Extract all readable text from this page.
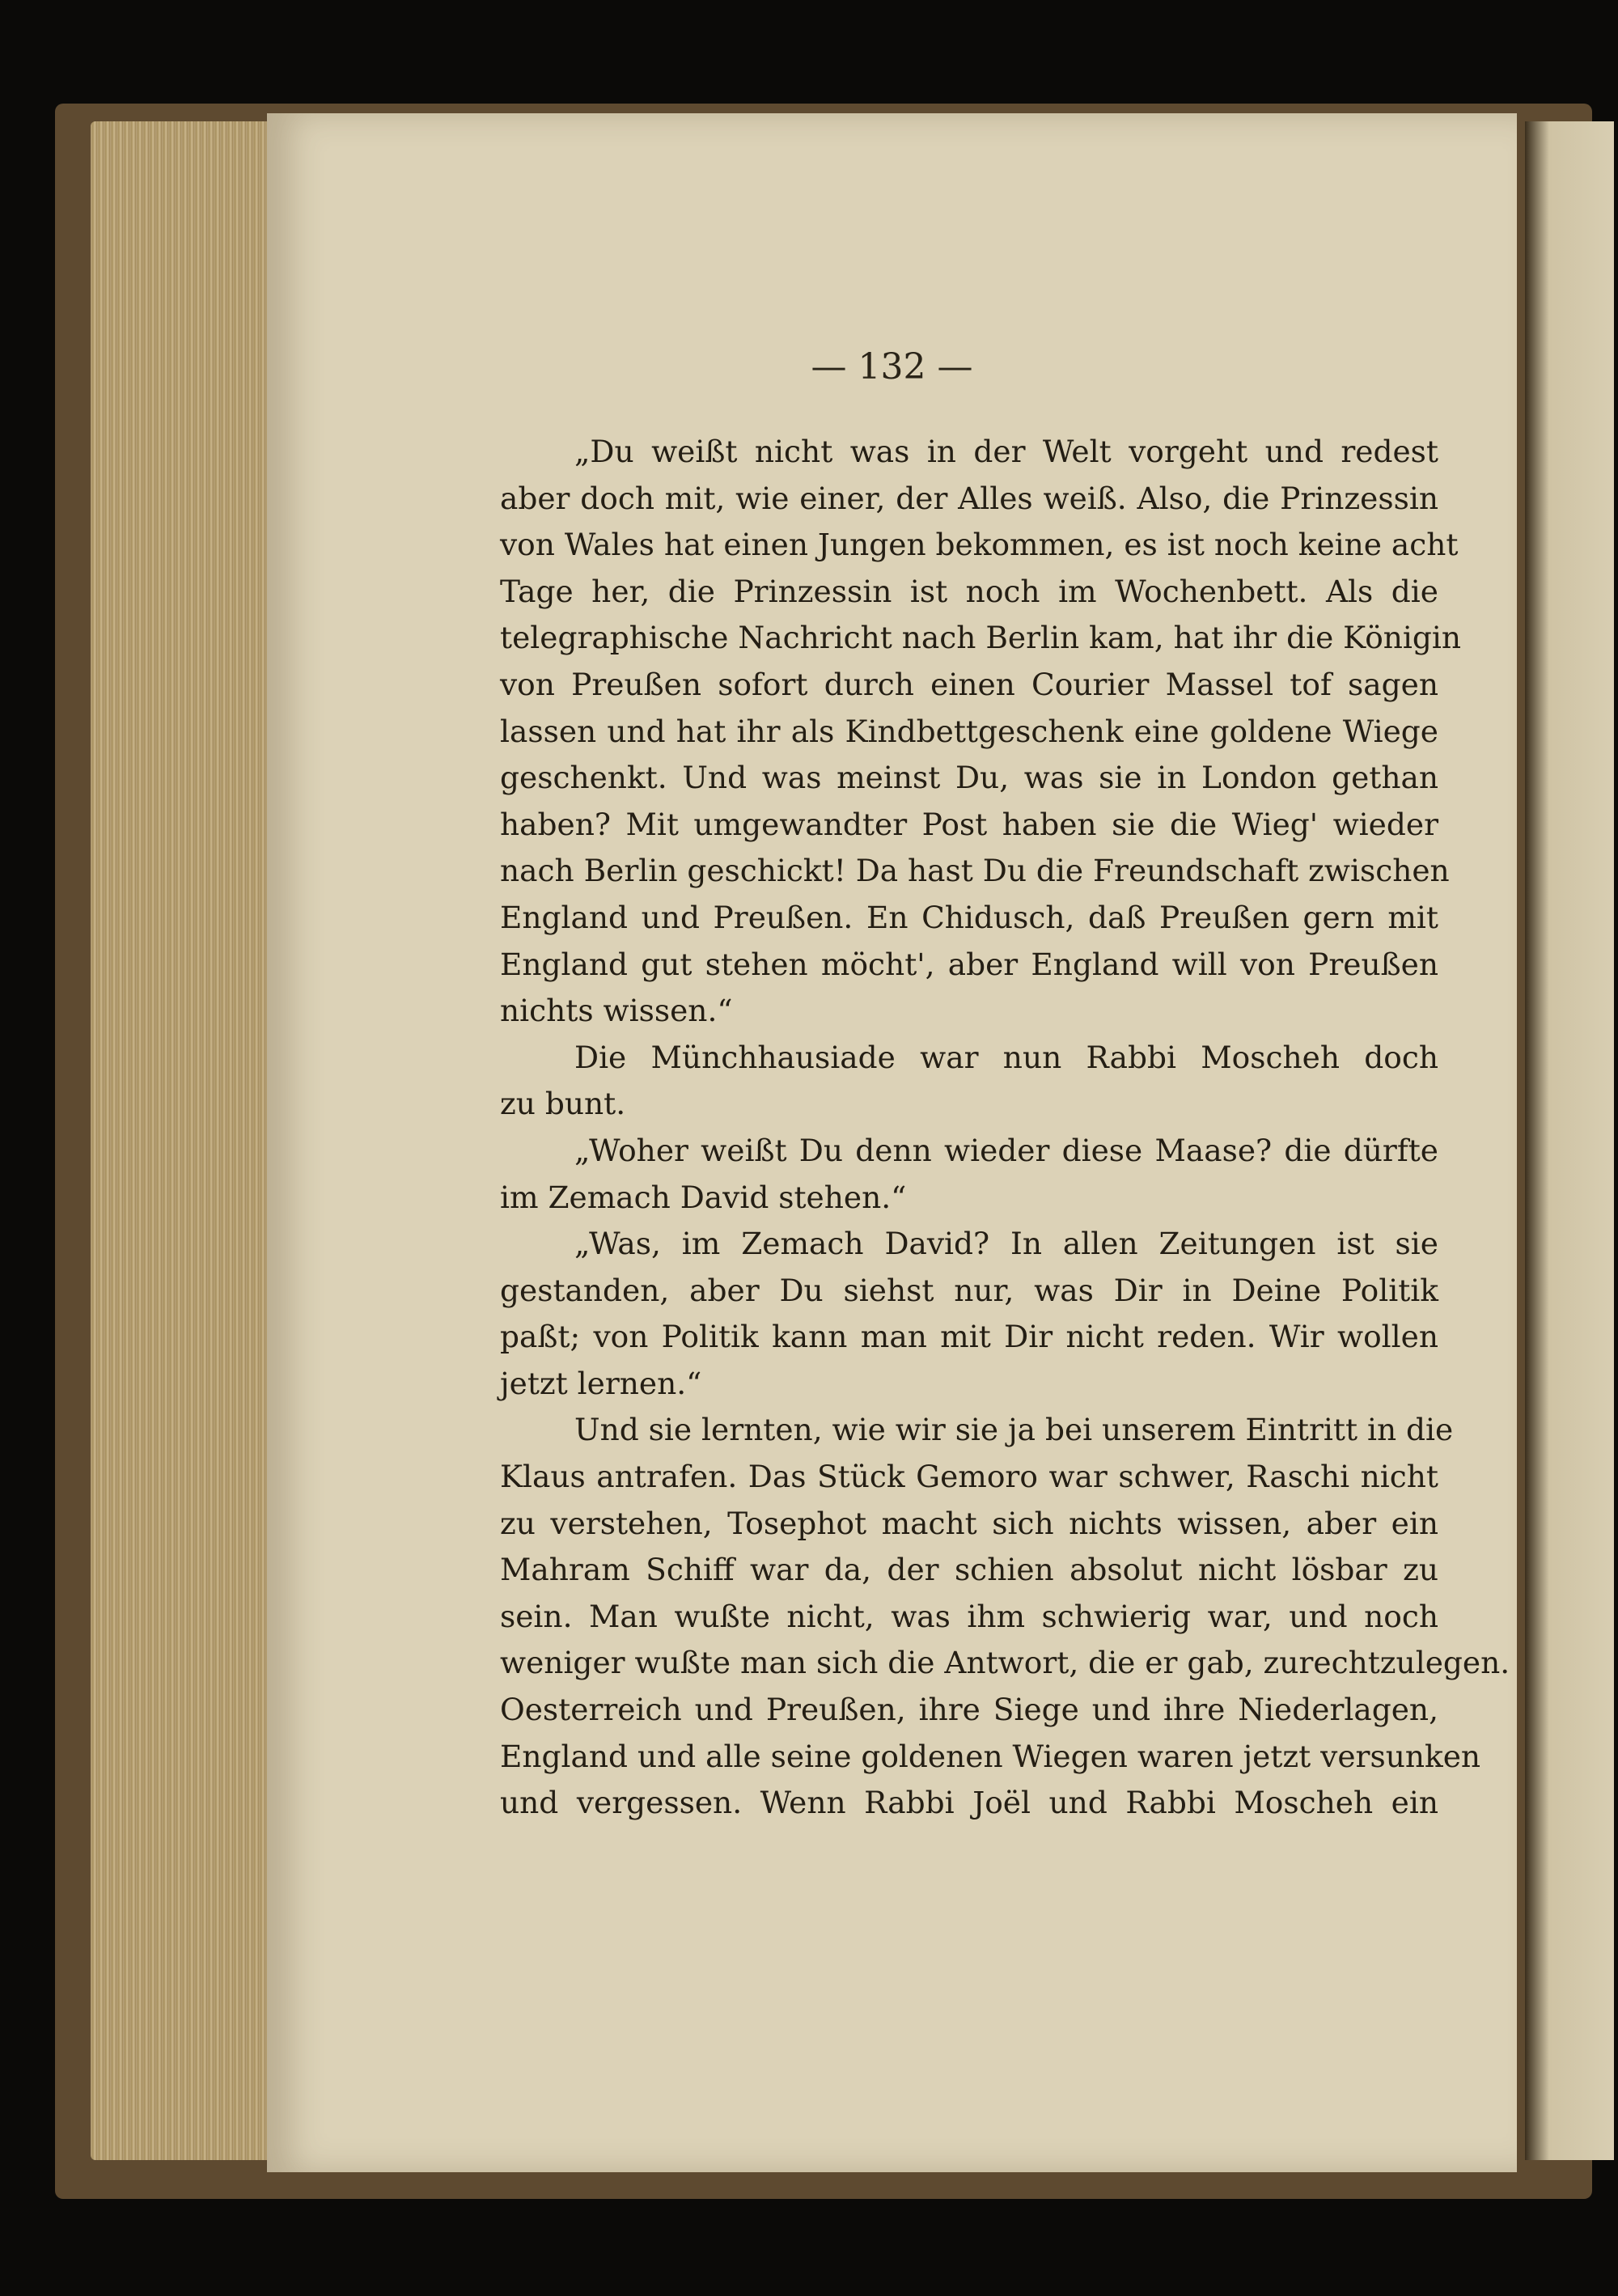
— 132 —
„Du weißt nicht was in der Welt vorgeht und redest
aber doch mit, wie einer, der Alles weiß. Also, die Prinzessin
von Wales hat einen Jungen bekommen, es ist noch keine acht
Tage her, die Prinzessin ist noch im Wochenbett. Als die
telegraphische Nachricht nach Berlin kam, hat ihr die Königin
von Preußen sofort durch einen Courier Massel tof sagen
lassen und hat ihr als Kindbettgeschenk eine goldene Wiege
geschenkt. Und was meinst Du, was sie in London gethan
haben? Mit umgewandter Post haben sie die Wieg' wieder
nach Berlin geschickt! Da hast Du die Freundschaft zwischen
England und Preußen. En Chidusch, daß Preußen gern mit
England gut stehen möcht', aber England will von Preußen
nichts wissen.“
Die Münchhausiade war nun Rabbi Moscheh doch
zu bunt.
„Woher weißt Du denn wieder diese Maase? die dürfte
im Zemach David stehen.“
„Was, im Zemach David? In allen Zeitungen ist sie
gestanden, aber Du siehst nur, was Dir in Deine Politik
paßt; von Politik kann man mit Dir nicht reden. Wir wollen
jetzt lernen.“
Und sie lernten, wie wir sie ja bei unserem Eintritt in die
Klaus antrafen. Das Stück Gemoro war schwer, Raschi nicht
zu verstehen, Tosephot macht sich nichts wissen, aber ein
Mahram Schiff war da, der schien absolut nicht lösbar zu
sein. Man wußte nicht, was ihm schwierig war, und noch
weniger wußte man sich die Antwort, die er gab, zurechtzulegen.
Oesterreich und Preußen, ihre Siege und ihre Niederlagen,
England und alle seine goldenen Wiegen waren jetzt versunken
und vergessen. Wenn Rabbi Joël und Rabbi Moscheh ein
